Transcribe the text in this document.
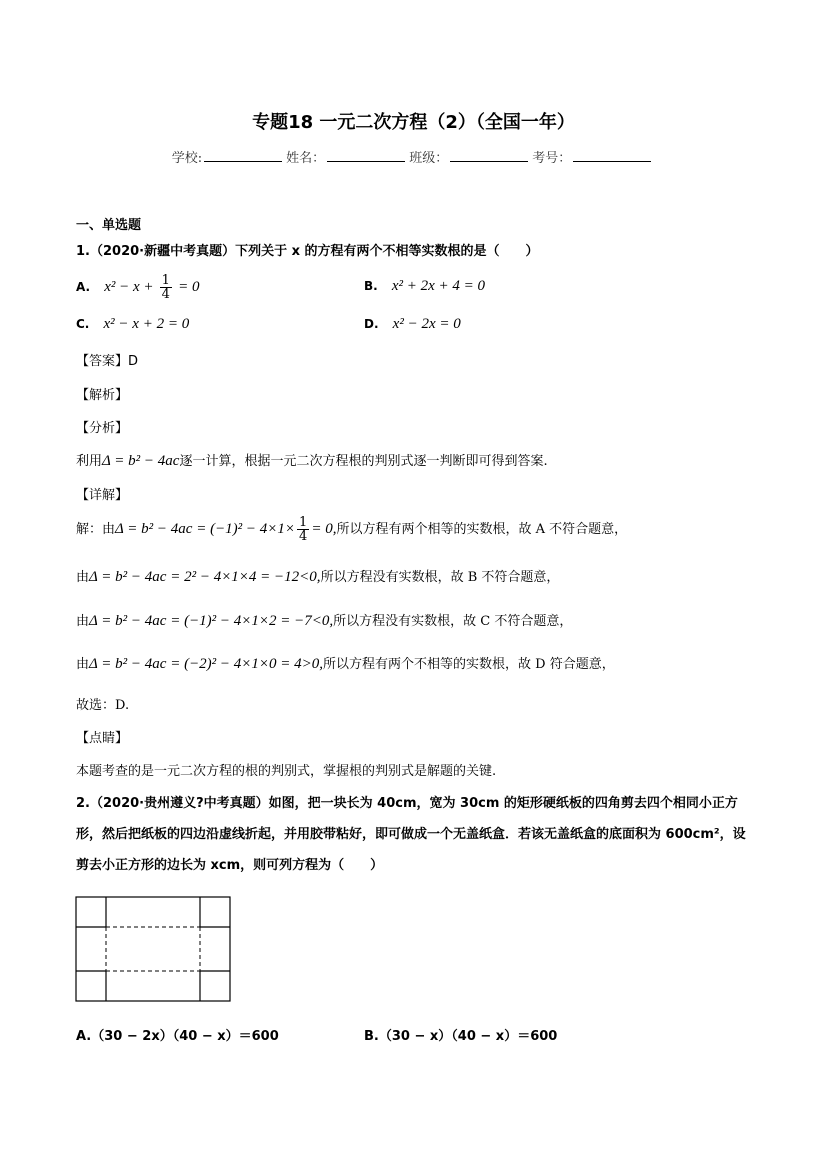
专题18 一元二次方程（2）（全国一年）
学校:	姓名：	班级：	考号：
一、单选题
1.（2020·新疆中考真题）下列关于 x 的方程有两个不相等实数根的是（　　）
A. $x^2 - x + \frac{1}{4} = 0$	B. x² + 2x + 4 = 0
C. x² − x + 2 = 0	D. x² − 2x = 0
【答案】D
【解析】
【分析】
利用Δ = b² − 4ac逐一计算，根据一元二次方程根的判别式逐一判断即可得到答案.
【详解】
解：由$\Delta = b^2 - 4ac = (-1)^2 - 4\times 1\times \frac{1}{4} = 0$,所以方程有两个相等的实数根，故 A 不符合题意，
由Δ = b² − 4ac = 2² − 4×1×4 = −12<0,所以方程没有实数根，故 B 不符合题意，
由Δ = b² − 4ac = (−1)² − 4×1×2 = −7<0,所以方程没有实数根，故 C 不符合题意，
由Δ = b² − 4ac = (−2)² − 4×1×0 = 4>0,所以方程有两个不相等的实数根，故 D 符合题意，
故选：D.
【点睛】
本题考查的是一元二次方程的根的判别式，掌握根的判别式是解题的关键.
2.（2020·贵州遵义?中考真题）如图，把一块长为 40cm，宽为 30cm 的矩形硬纸板的四角剪去四个相同小正方形，然后把纸板的四边沿虚线折起，并用胶带粘好，即可做成一个无盖纸盒．若该无盖纸盒的底面积为 600cm²，设剪去小正方形的边长为 xcm，则可列方程为（　　）
A.（30 − 2x）（40 − x）＝600	B.（30 − x）（40 − x）＝600
